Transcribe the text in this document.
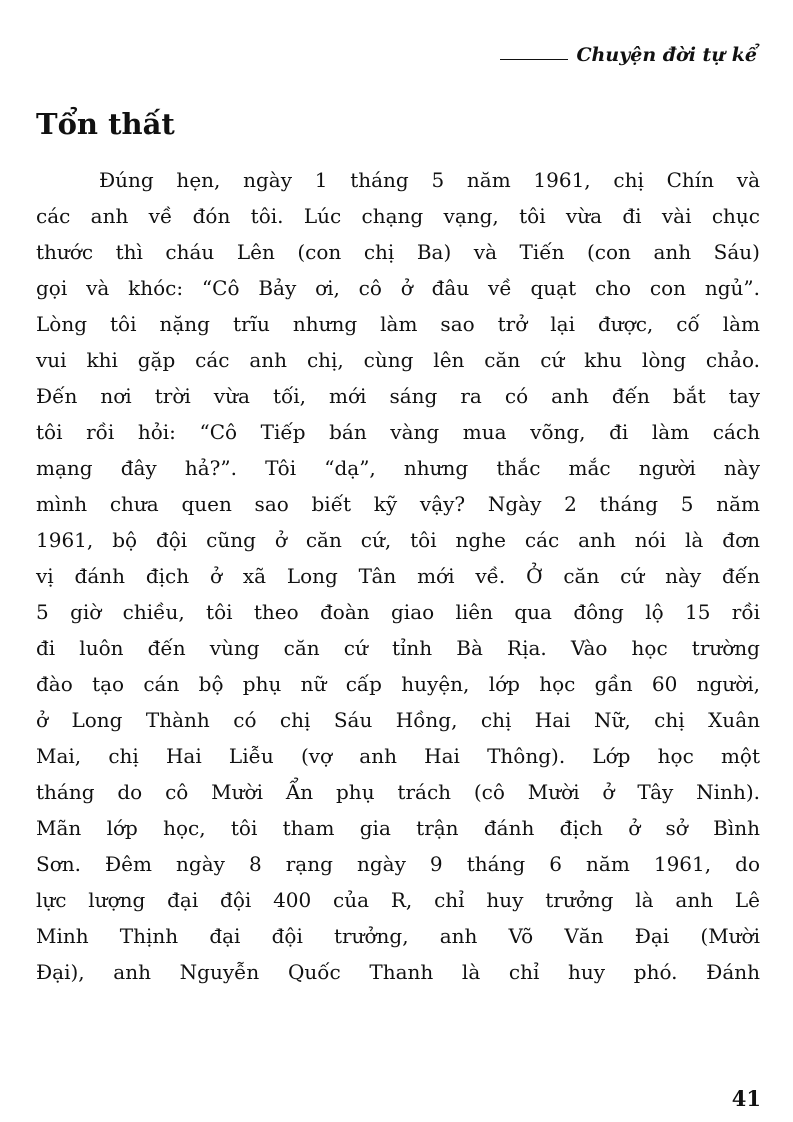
Chuyện đời tự kể
Tổn thất
Đúng hẹn, ngày 1 tháng 5 năm 1961, chị Chín và
các anh về đón tôi. Lúc chạng vạng, tôi vừa đi vài chục
thước thì cháu Lên (con chị Ba) và Tiến (con anh Sáu)
gọi và khóc: “Cô Bảy ơi, cô ở đâu về quạt cho con ngủ”.
Lòng tôi nặng trĩu nhưng làm sao trở lại được, cố làm
vui khi gặp các anh chị, cùng lên căn cứ khu lòng chảo.
Đến nơi trời vừa tối, mới sáng ra có anh đến bắt tay
tôi rồi hỏi: “Cô Tiếp bán vàng mua võng, đi làm cách
mạng đây hả?”. Tôi “dạ”, nhưng thắc mắc người này
mình chưa quen sao biết kỹ vậy? Ngày 2 tháng 5 năm
1961, bộ đội cũng ở căn cứ, tôi nghe các anh nói là đơn
vị đánh địch ở xã Long Tân mới về. Ở căn cứ này đến
5 giờ chiều, tôi theo đoàn giao liên qua đông lộ 15 rồi
đi luôn đến vùng căn cứ tỉnh Bà Rịa. Vào học trường
đào tạo cán bộ phụ nữ cấp huyện, lớp học gần 60 người,
ở Long Thành có chị Sáu Hồng, chị Hai Nữ, chị Xuân
Mai, chị Hai Liễu (vợ anh Hai Thông). Lớp học một
tháng do cô Mười Ẩn phụ trách (cô Mười ở Tây Ninh).
Mãn lớp học, tôi tham gia trận đánh địch ở sở Bình
Sơn. Đêm ngày 8 rạng ngày 9 tháng 6 năm 1961, do
lực lượng đại đội 400 của R, chỉ huy trưởng là anh Lê
Minh Thịnh đại đội trưởng, anh Võ Văn Đại (Mười
Đại), anh Nguyễn Quốc Thanh là chỉ huy phó. Đánh
41
